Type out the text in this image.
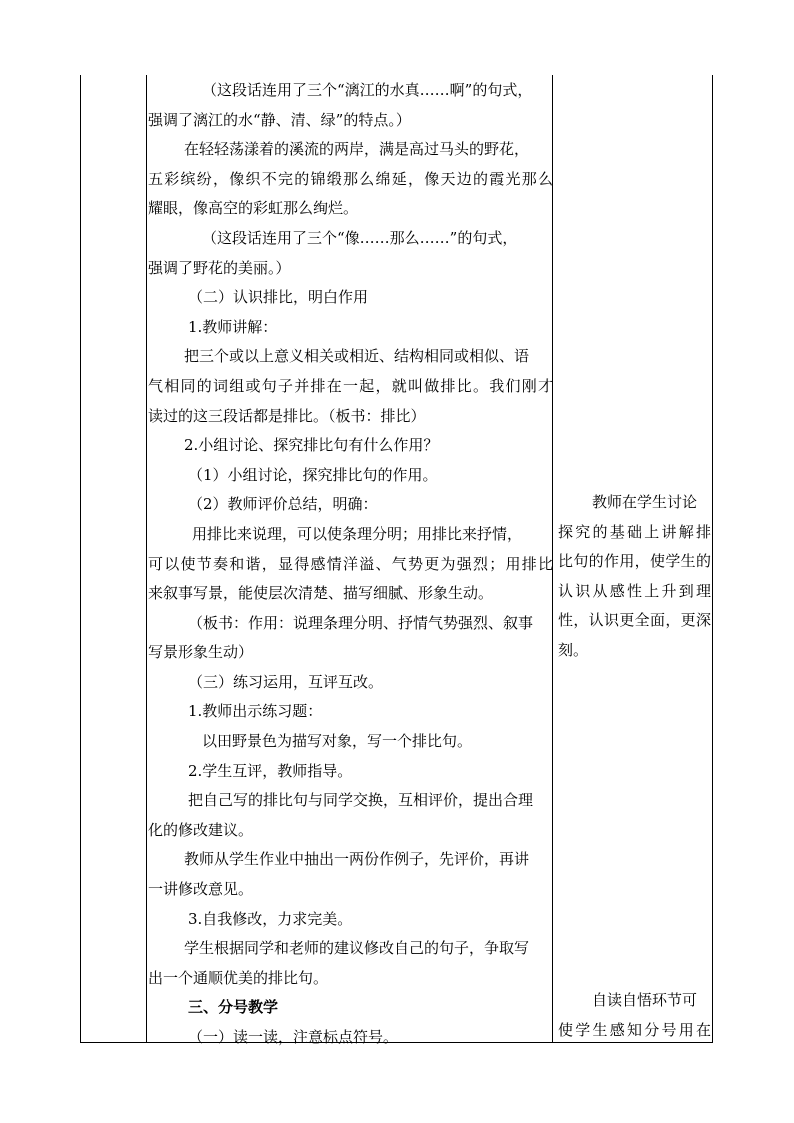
（这段话连用了三个“漓江的水真……啊”的句式，
强调了漓江的水“静、清、绿”的特点。）
在轻轻荡漾着的溪流的两岸，满是高过马头的野花，
五彩缤纷，像织不完的锦缎那么绵延，像天边的霞光那么
耀眼，像高空的彩虹那么绚烂。
（这段话连用了三个“像……那么……”的句式，
强调了野花的美丽。）
（二）认识排比，明白作用
1.教师讲解：
把三个或以上意义相关或相近、结构相同或相似、语
气相同的词组或句子并排在一起，就叫做排比。我们刚才
读过的这三段话都是排比。（板书：排比）
2.小组讨论、探究排比句有什么作用？
（1）小组讨论，探究排比句的作用。
（2）教师评价总结，明确：
用排比来说理，可以使条理分明；用排比来抒情，
可以使节奏和谐，显得感情洋溢、气势更为强烈；用排比
来叙事写景，能使层次清楚、描写细腻、形象生动。
（板书：作用：说理条理分明、抒情气势强烈、叙事
写景形象生动）
（三）练习运用，互评互改。
1.教师出示练习题：
以田野景色为描写对象，写一个排比句。
2.学生互评，教师指导。
把自己写的排比句与同学交换，互相评价，提出合理
化的修改建议。
教师从学生作业中抽出一两份作例子，先评价，再讲
一讲修改意见。
3.自我修改，力求完美。
学生根据同学和老师的建议修改自己的句子，争取写
出一个通顺优美的排比句。
三、分号教学
（一）读一读，注意标点符号。
教师在学生讨论
探究的基础上讲解排
比句的作用，使学生的
认识从感性上升到理
性，认识更全面，更深
刻。
自读自悟环节可
使学生感知分号用在
